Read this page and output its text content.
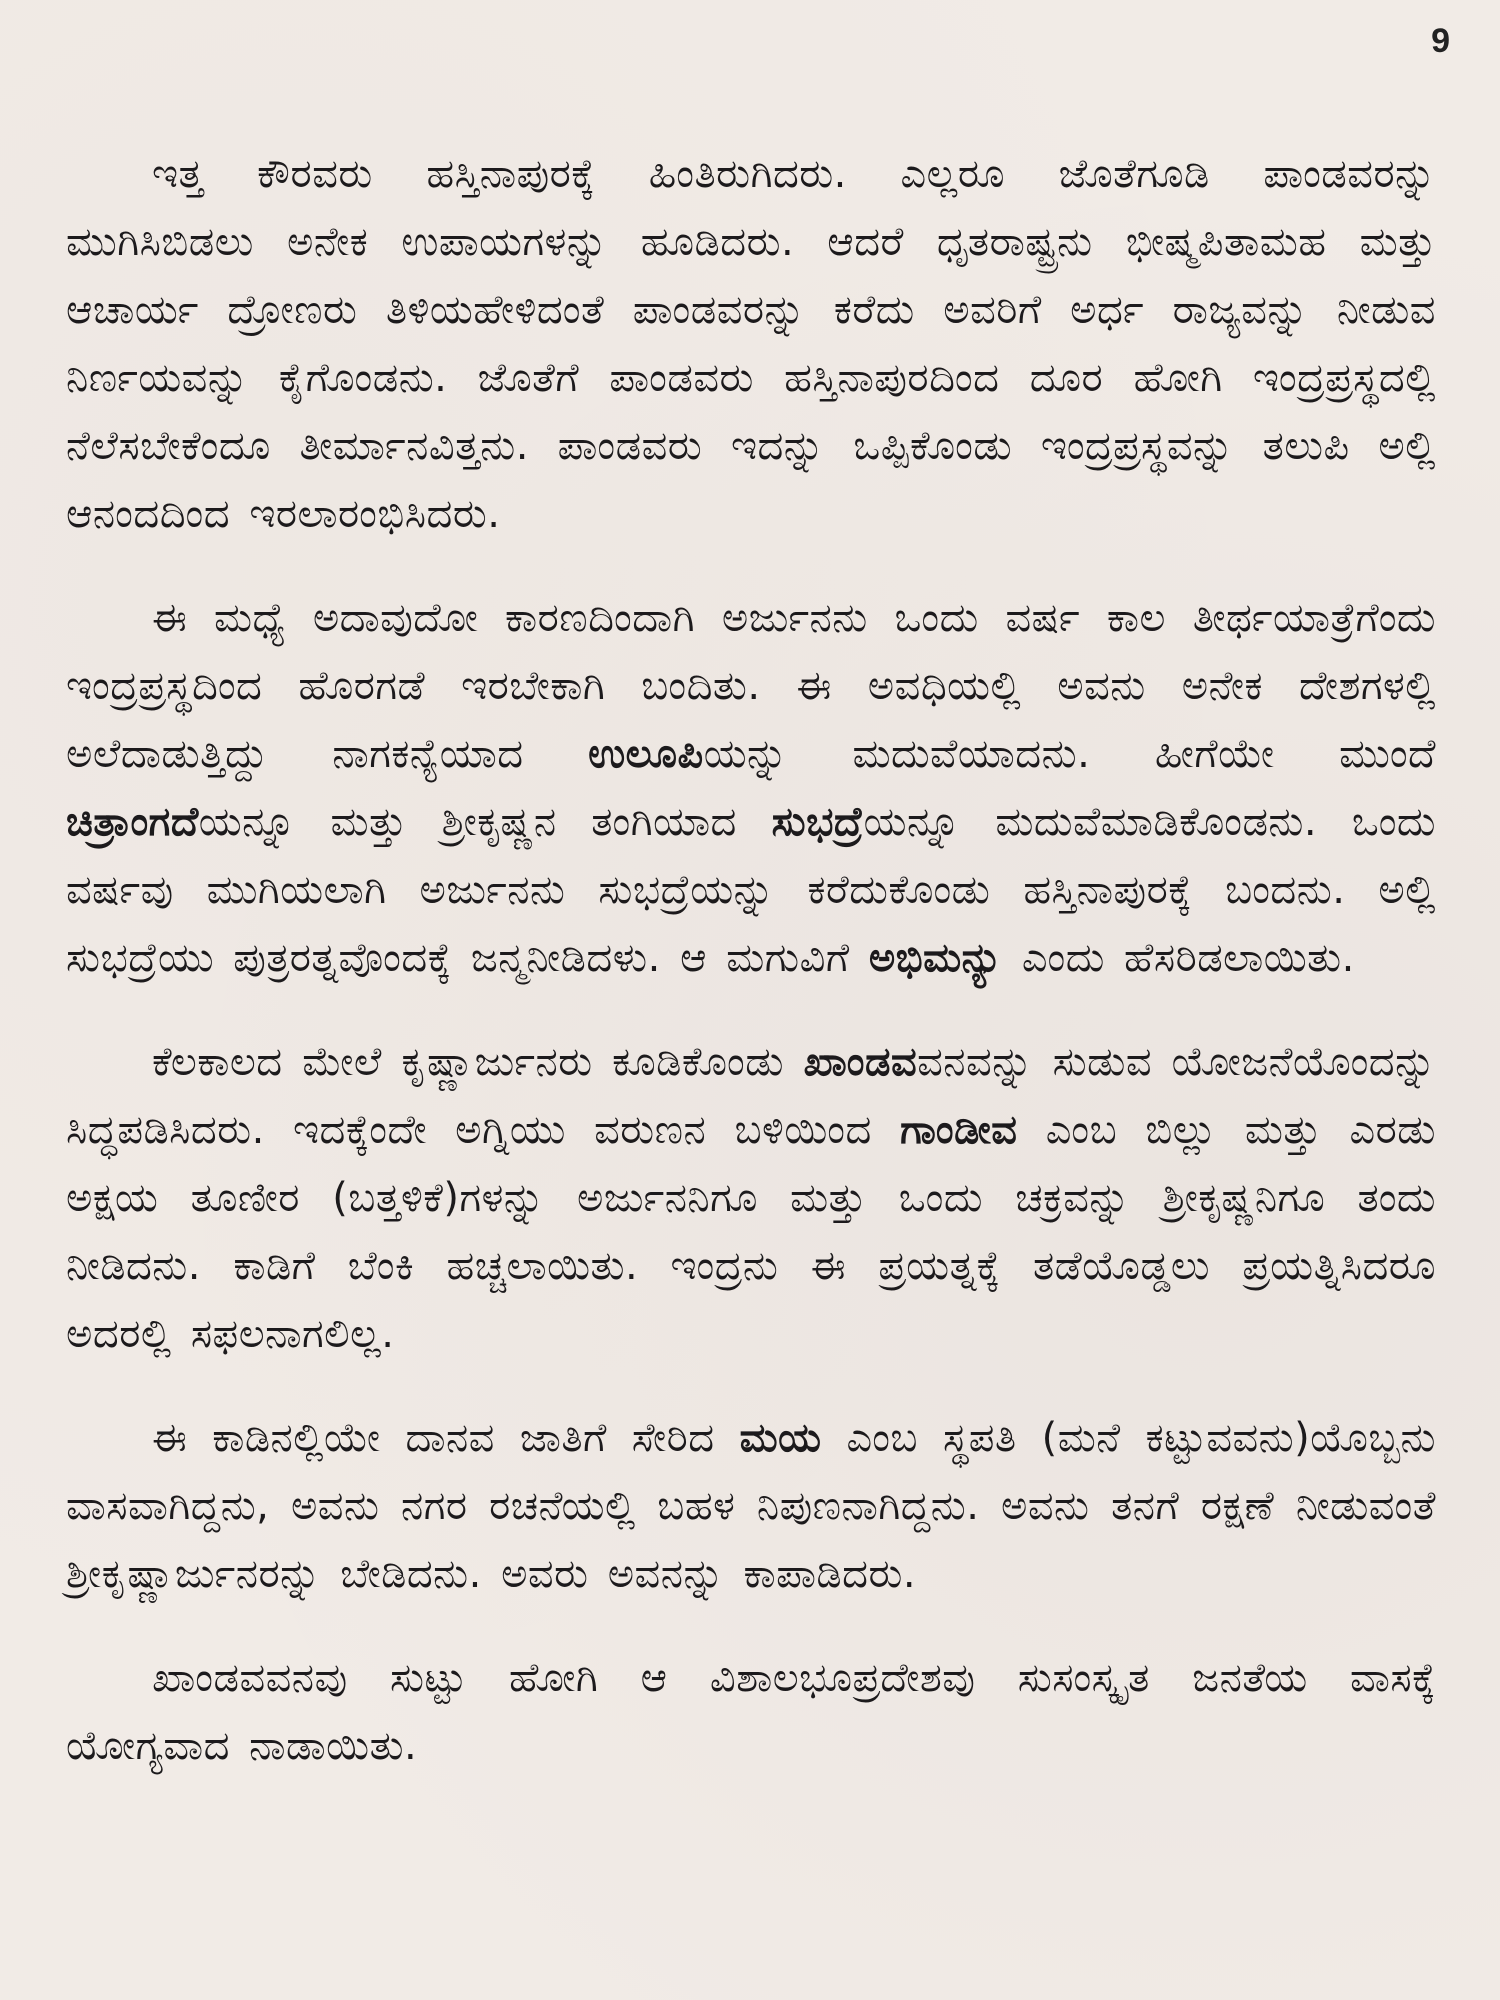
9

ಇತ್ತ ಕೌರವರು ಹಸ್ತಿನಾಪುರಕ್ಕೆ ಹಿಂತಿರುಗಿದರು. ಎಲ್ಲರೂ ಜೊತೆಗೂಡಿ ಪಾಂಡವರನ್ನು ಮುಗಿಸಿಬಿಡಲು ಅನೇಕ ಉಪಾಯಗಳನ್ನು ಹೂಡಿದರು. ಆದರೆ ಧೃತರಾಷ್ಟ್ರನು ಭೀಷ್ಮಪಿತಾಮಹ ಮತ್ತು ಆಚಾರ್ಯ ದ್ರೋಣರು ತಿಳಿಯಹೇಳಿದಂತೆ ಪಾಂಡವರನ್ನು ಕರೆದು ಅವರಿಗೆ ಅರ್ಧ ರಾಜ್ಯವನ್ನು ನೀಡುವ ನಿರ್ಣಯವನ್ನು ಕೈಗೊಂಡನು. ಜೊತೆಗೆ ಪಾಂಡವರು ಹಸ್ತಿನಾಪುರದಿಂದ ದೂರ ಹೋಗಿ ಇಂದ್ರಪ್ರಸ್ಥದಲ್ಲಿ ನೆಲೆಸಬೇಕೆಂದೂ ತೀರ್ಮಾನವಿತ್ತನು. ಪಾಂಡವರು ಇದನ್ನು ಒಪ್ಪಿಕೊಂಡು ಇಂದ್ರಪ್ರಸ್ಥವನ್ನು ತಲುಪಿ ಅಲ್ಲಿ ಆನಂದದಿಂದ ಇರಲಾರಂಭಿಸಿದರು.

ಈ ಮಧ್ಯೆ ಅದಾವುದೋ ಕಾರಣದಿಂದಾಗಿ ಅರ್ಜುನನು ಒಂದು ವರ್ಷ ಕಾಲ ತೀರ್ಥಯಾತ್ರೆಗೆಂದು ಇಂದ್ರಪ್ರಸ್ಥದಿಂದ ಹೊರಗಡೆ ಇರಬೇಕಾಗಿ ಬಂದಿತು. ಈ ಅವಧಿಯಲ್ಲಿ ಅವನು ಅನೇಕ ದೇಶಗಳಲ್ಲಿ ಅಲೆದಾಡುತ್ತಿದ್ದು ನಾಗಕನ್ಯೆಯಾದ ಉಲೂಪಿಯನ್ನು ಮದುವೆಯಾದನು. ಹೀಗೆಯೇ ಮುಂದೆ ಚಿತ್ರಾಂಗದೆಯನ್ನೂ ಮತ್ತು ಶ್ರೀಕೃಷ್ಣನ ತಂಗಿಯಾದ ಸುಭದ್ರೆಯನ್ನೂ ಮದುವೆಮಾಡಿಕೊಂಡನು. ಒಂದು ವರ್ಷವು ಮುಗಿಯಲಾಗಿ ಅರ್ಜುನನು ಸುಭದ್ರೆಯನ್ನು ಕರೆದುಕೊಂಡು ಹಸ್ತಿನಾಪುರಕ್ಕೆ ಬಂದನು. ಅಲ್ಲಿ ಸುಭದ್ರೆಯು ಪುತ್ರರತ್ನವೊಂದಕ್ಕೆ ಜನ್ಮನೀಡಿದಳು. ಆ ಮಗುವಿಗೆ ಅಭಿಮನ್ಯು ಎಂದು ಹೆಸರಿಡಲಾಯಿತು.

ಕೆಲಕಾಲದ ಮೇಲೆ ಕೃಷ್ಣಾರ್ಜುನರು ಕೂಡಿಕೊಂಡು ಖಾಂಡವವನವನ್ನು ಸುಡುವ ಯೋಜನೆಯೊಂದನ್ನು ಸಿದ್ಧಪಡಿಸಿದರು. ಇದಕ್ಕೆಂದೇ ಅಗ್ನಿಯು ವರುಣನ ಬಳಿಯಿಂದ ಗಾಂಡೀವ ಎಂಬ ಬಿಲ್ಲು ಮತ್ತು ಎರಡು ಅಕ್ಷಯ ತೂಣೀರ (ಬತ್ತಳಿಕೆ)ಗಳನ್ನು ಅರ್ಜುನನಿಗೂ ಮತ್ತು ಒಂದು ಚಕ್ರವನ್ನು ಶ್ರೀಕೃಷ್ಣನಿಗೂ ತಂದು ನೀಡಿದನು. ಕಾಡಿಗೆ ಬೆಂಕಿ ಹಚ್ಚಲಾಯಿತು. ಇಂದ್ರನು ಈ ಪ್ರಯತ್ನಕ್ಕೆ ತಡೆಯೊಡ್ಡಲು ಪ್ರಯತ್ನಿಸಿದರೂ ಅದರಲ್ಲಿ ಸಫಲನಾಗಲಿಲ್ಲ.

ಈ ಕಾಡಿನಲ್ಲಿಯೇ ದಾನವ ಜಾತಿಗೆ ಸೇರಿದ ಮಯ ಎಂಬ ಸ್ಥಪತಿ (ಮನೆ ಕಟ್ಟುವವನು)ಯೊಬ್ಬನು ವಾಸವಾಗಿದ್ದನು, ಅವನು ನಗರ ರಚನೆಯಲ್ಲಿ ಬಹಳ ನಿಪುಣನಾಗಿದ್ದನು. ಅವನು ತನಗೆ ರಕ್ಷಣೆ ನೀಡುವಂತೆ ಶ್ರೀಕೃಷ್ಣಾರ್ಜುನರನ್ನು ಬೇಡಿದನು. ಅವರು ಅವನನ್ನು ಕಾಪಾಡಿದರು.

ಖಾಂಡವವನವು ಸುಟ್ಟು ಹೋಗಿ ಆ ವಿಶಾಲಭೂಪ್ರದೇಶವು ಸುಸಂಸ್ಕೃತ ಜನತೆಯ ವಾಸಕ್ಕೆ ಯೋಗ್ಯವಾದ ನಾಡಾಯಿತು.
